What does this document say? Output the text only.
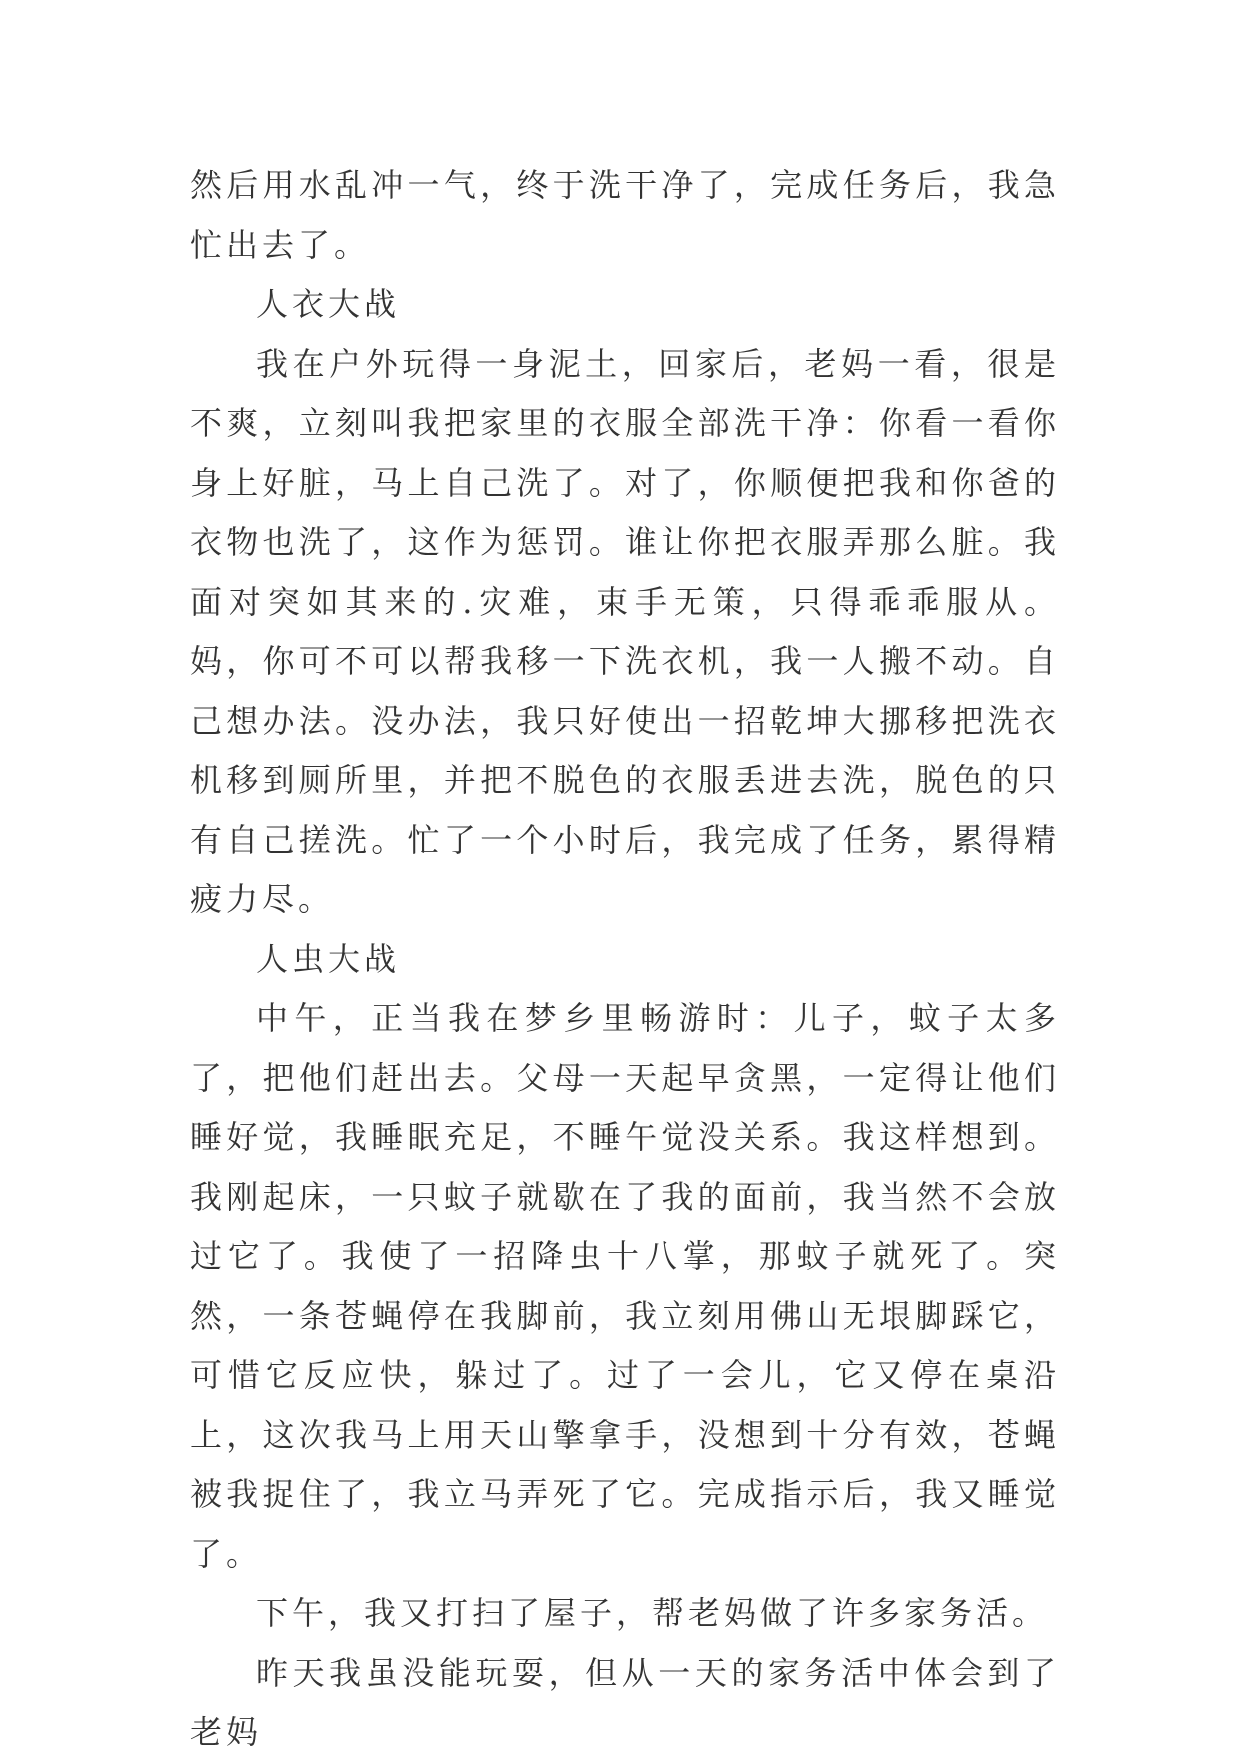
然后用水乱冲一气，终于洗干净了，完成任务后，我急忙出去了。

人衣大战

我在户外玩得一身泥土，回家后，老妈一看，很是不爽，立刻叫我把家里的衣服全部洗干净：你看一看你身上好脏，马上自己洗了。对了，你顺便把我和你爸的衣物也洗了，这作为惩罚。谁让你把衣服弄那么脏。我面对突如其来的.灾难，束手无策，只得乖乖服从。妈，你可不可以帮我移一下洗衣机，我一人搬不动。自己想办法。没办法，我只好使出一招乾坤大挪移把洗衣机移到厕所里，并把不脱色的衣服丢进去洗，脱色的只有自己搓洗。忙了一个小时后，我完成了任务，累得精疲力尽。

人虫大战

中午，正当我在梦乡里畅游时：儿子，蚊子太多了，把他们赶出去。父母一天起早贪黑，一定得让他们睡好觉，我睡眠充足，不睡午觉没关系。我这样想到。我刚起床，一只蚊子就歇在了我的面前，我当然不会放过它了。我使了一招降虫十八掌，那蚊子就死了。突然，一条苍蝇停在我脚前，我立刻用佛山无垠脚踩它，可惜它反应快，躲过了。过了一会儿，它又停在桌沿上，这次我马上用天山擎拿手，没想到十分有效，苍蝇被我捉住了，我立马弄死了它。完成指示后，我又睡觉了。

下午，我又打扫了屋子，帮老妈做了许多家务活。

昨天我虽没能玩耍，但从一天的家务活中体会到了老妈
